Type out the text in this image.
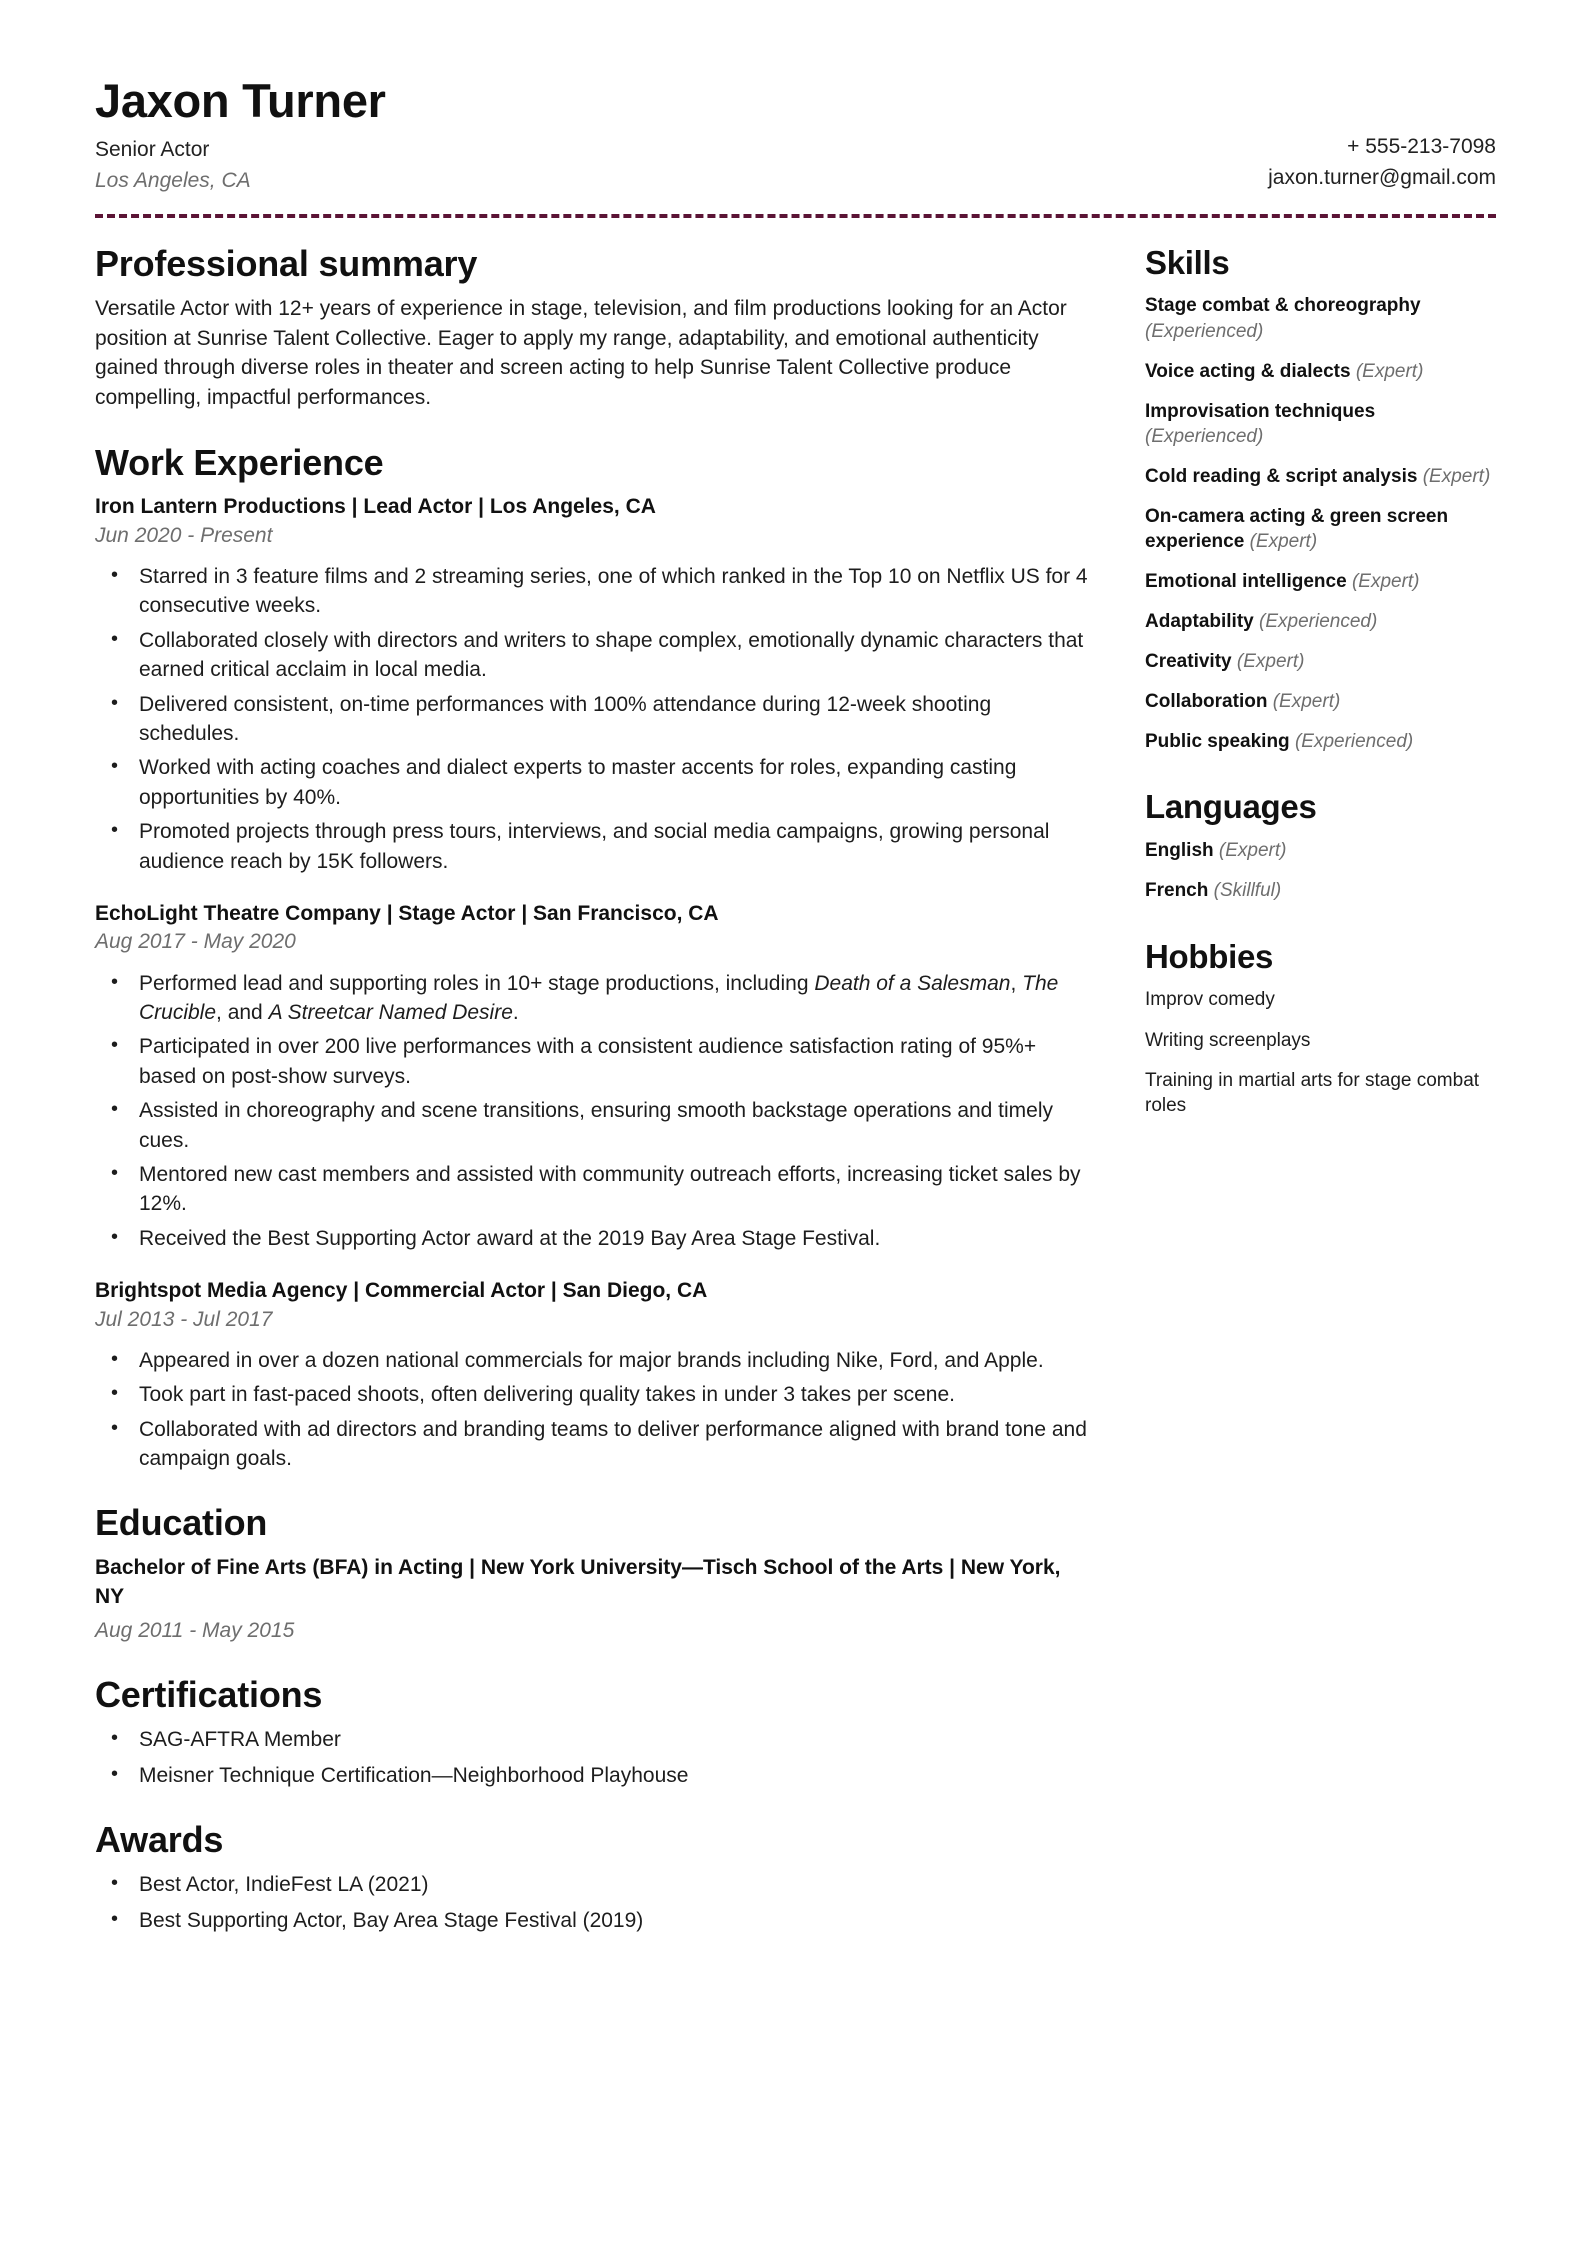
Jaxon Turner
Senior Actor
Los Angeles, CA
+ 555-213-7098
jaxon.turner@gmail.com
Professional summary

Versatile Actor with 12+ years of experience in stage, television, and film productions looking for an Actor position at Sunrise Talent Collective. Eager to apply my range, adaptability, and emotional authenticity gained through diverse roles in theater and screen acting to help Sunrise Talent Collective produce compelling, impactful performances.

Work Experience
Iron Lantern Productions | Lead Actor | Los Angeles, CA
Jun 2020 - Present
• Starred in 3 feature films and 2 streaming series, one of which ranked in the Top 10 on Netflix US for 4 consecutive weeks.
• Collaborated closely with directors and writers to shape complex, emotionally dynamic characters that earned critical acclaim in local media.
• Delivered consistent, on-time performances with 100% attendance during 12-week shooting schedules.
• Worked with acting coaches and dialect experts to master accents for roles, expanding casting opportunities by 40%.
• Promoted projects through press tours, interviews, and social media campaigns, growing personal audience reach by 15K followers.
EchoLight Theatre Company | Stage Actor | San Francisco, CA
Aug 2017 - May 2020
• Performed lead and supporting roles in 10+ stage productions, including Death of a Salesman, The Crucible, and A Streetcar Named Desire.
• Participated in over 200 live performances with a consistent audience satisfaction rating of 95%+ based on post-show surveys.
• Assisted in choreography and scene transitions, ensuring smooth backstage operations and timely cues.
• Mentored new cast members and assisted with community outreach efforts, increasing ticket sales by 12%.
• Received the Best Supporting Actor award at the 2019 Bay Area Stage Festival.
Brightspot Media Agency | Commercial Actor | San Diego, CA
Jul 2013 - Jul 2017
• Appeared in over a dozen national commercials for major brands including Nike, Ford, and Apple.
• Took part in fast-paced shoots, often delivering quality takes in under 3 takes per scene.
• Collaborated with ad directors and branding teams to deliver performance aligned with brand tone and campaign goals.
Education
Bachelor of Fine Arts (BFA) in Acting | New York University—Tisch School of the Arts | New York, NY
Aug 2011 - May 2015
Certifications
• SAG-AFTRA Member
• Meisner Technique Certification—Neighborhood Playhouse
Awards
• Best Actor, IndieFest LA (2021)
• Best Supporting Actor, Bay Area Stage Festival (2019)
Skills
Stage combat & choreography (Experienced)
Voice acting & dialects (Expert)
Improvisation techniques (Experienced)
Cold reading & script analysis (Expert)
On-camera acting & green screen experience (Expert)
Emotional intelligence (Expert)
Adaptability (Experienced)
Creativity (Expert)
Collaboration (Expert)
Public speaking (Experienced)
Languages
English (Expert)
French (Skillful)
Hobbies
Improv comedy
Writing screenplays
Training in martial arts for stage combat roles
